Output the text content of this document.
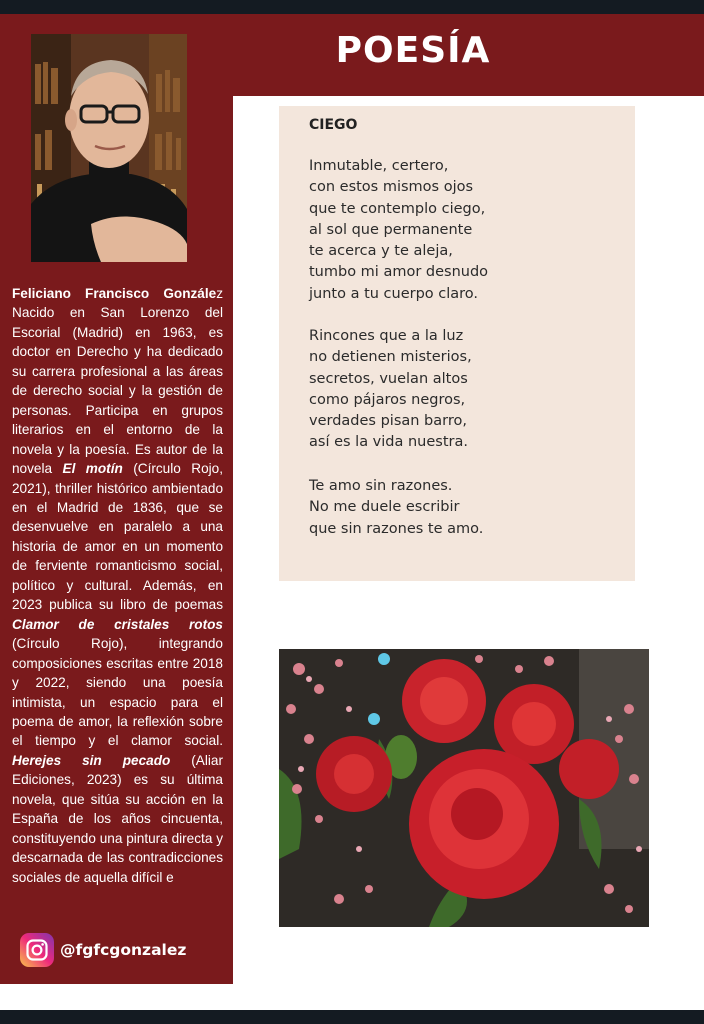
POESÍA

Feliciano Francisco González Nacido en San Lorenzo del Escorial (Madrid) en 1963, es doctor en Derecho y ha dedicado su carrera profesional a las áreas de derecho social y la gestión de personas. Participa en grupos literarios en el entorno de la novela y la poesía. Es autor de la novela El motín (Círculo Rojo, 2021), thriller histórico ambientado en el Madrid de 1836, que se desenvuelve en paralelo a una historia de amor en un momento de ferviente romanticismo social, político y cultural. Además, en 2023 publica su libro de poemas Clamor de cristales rotos (Círculo Rojo), integrando composiciones escritas entre 2018 y 2022, siendo una poesía intimista, un espacio para el poema de amor, la reflexión sobre el tiempo y el clamor social. Herejes sin pecado (Aliar Ediciones, 2023) es su última novela, que sitúa su acción en la España de los años cincuenta, constituyendo una pintura directa y descarnada de las contradicciones sociales de aquella difícil e

@fgfcgonzalez
CIEGO
Inmutable, certero,
con estos mismos ojos
que te contemplo ciego,
al sol que permanente
te acerca y te aleja,
tumbo mi amor desnudo
junto a tu cuerpo claro.
Rincones que a la luz
no detienen misterios,
secretos, vuelan altos
como pájaros negros,
verdades pisan barro,
así es la vida nuestra.
Te amo sin razones.
No me duele escribir
que sin razones te amo.
